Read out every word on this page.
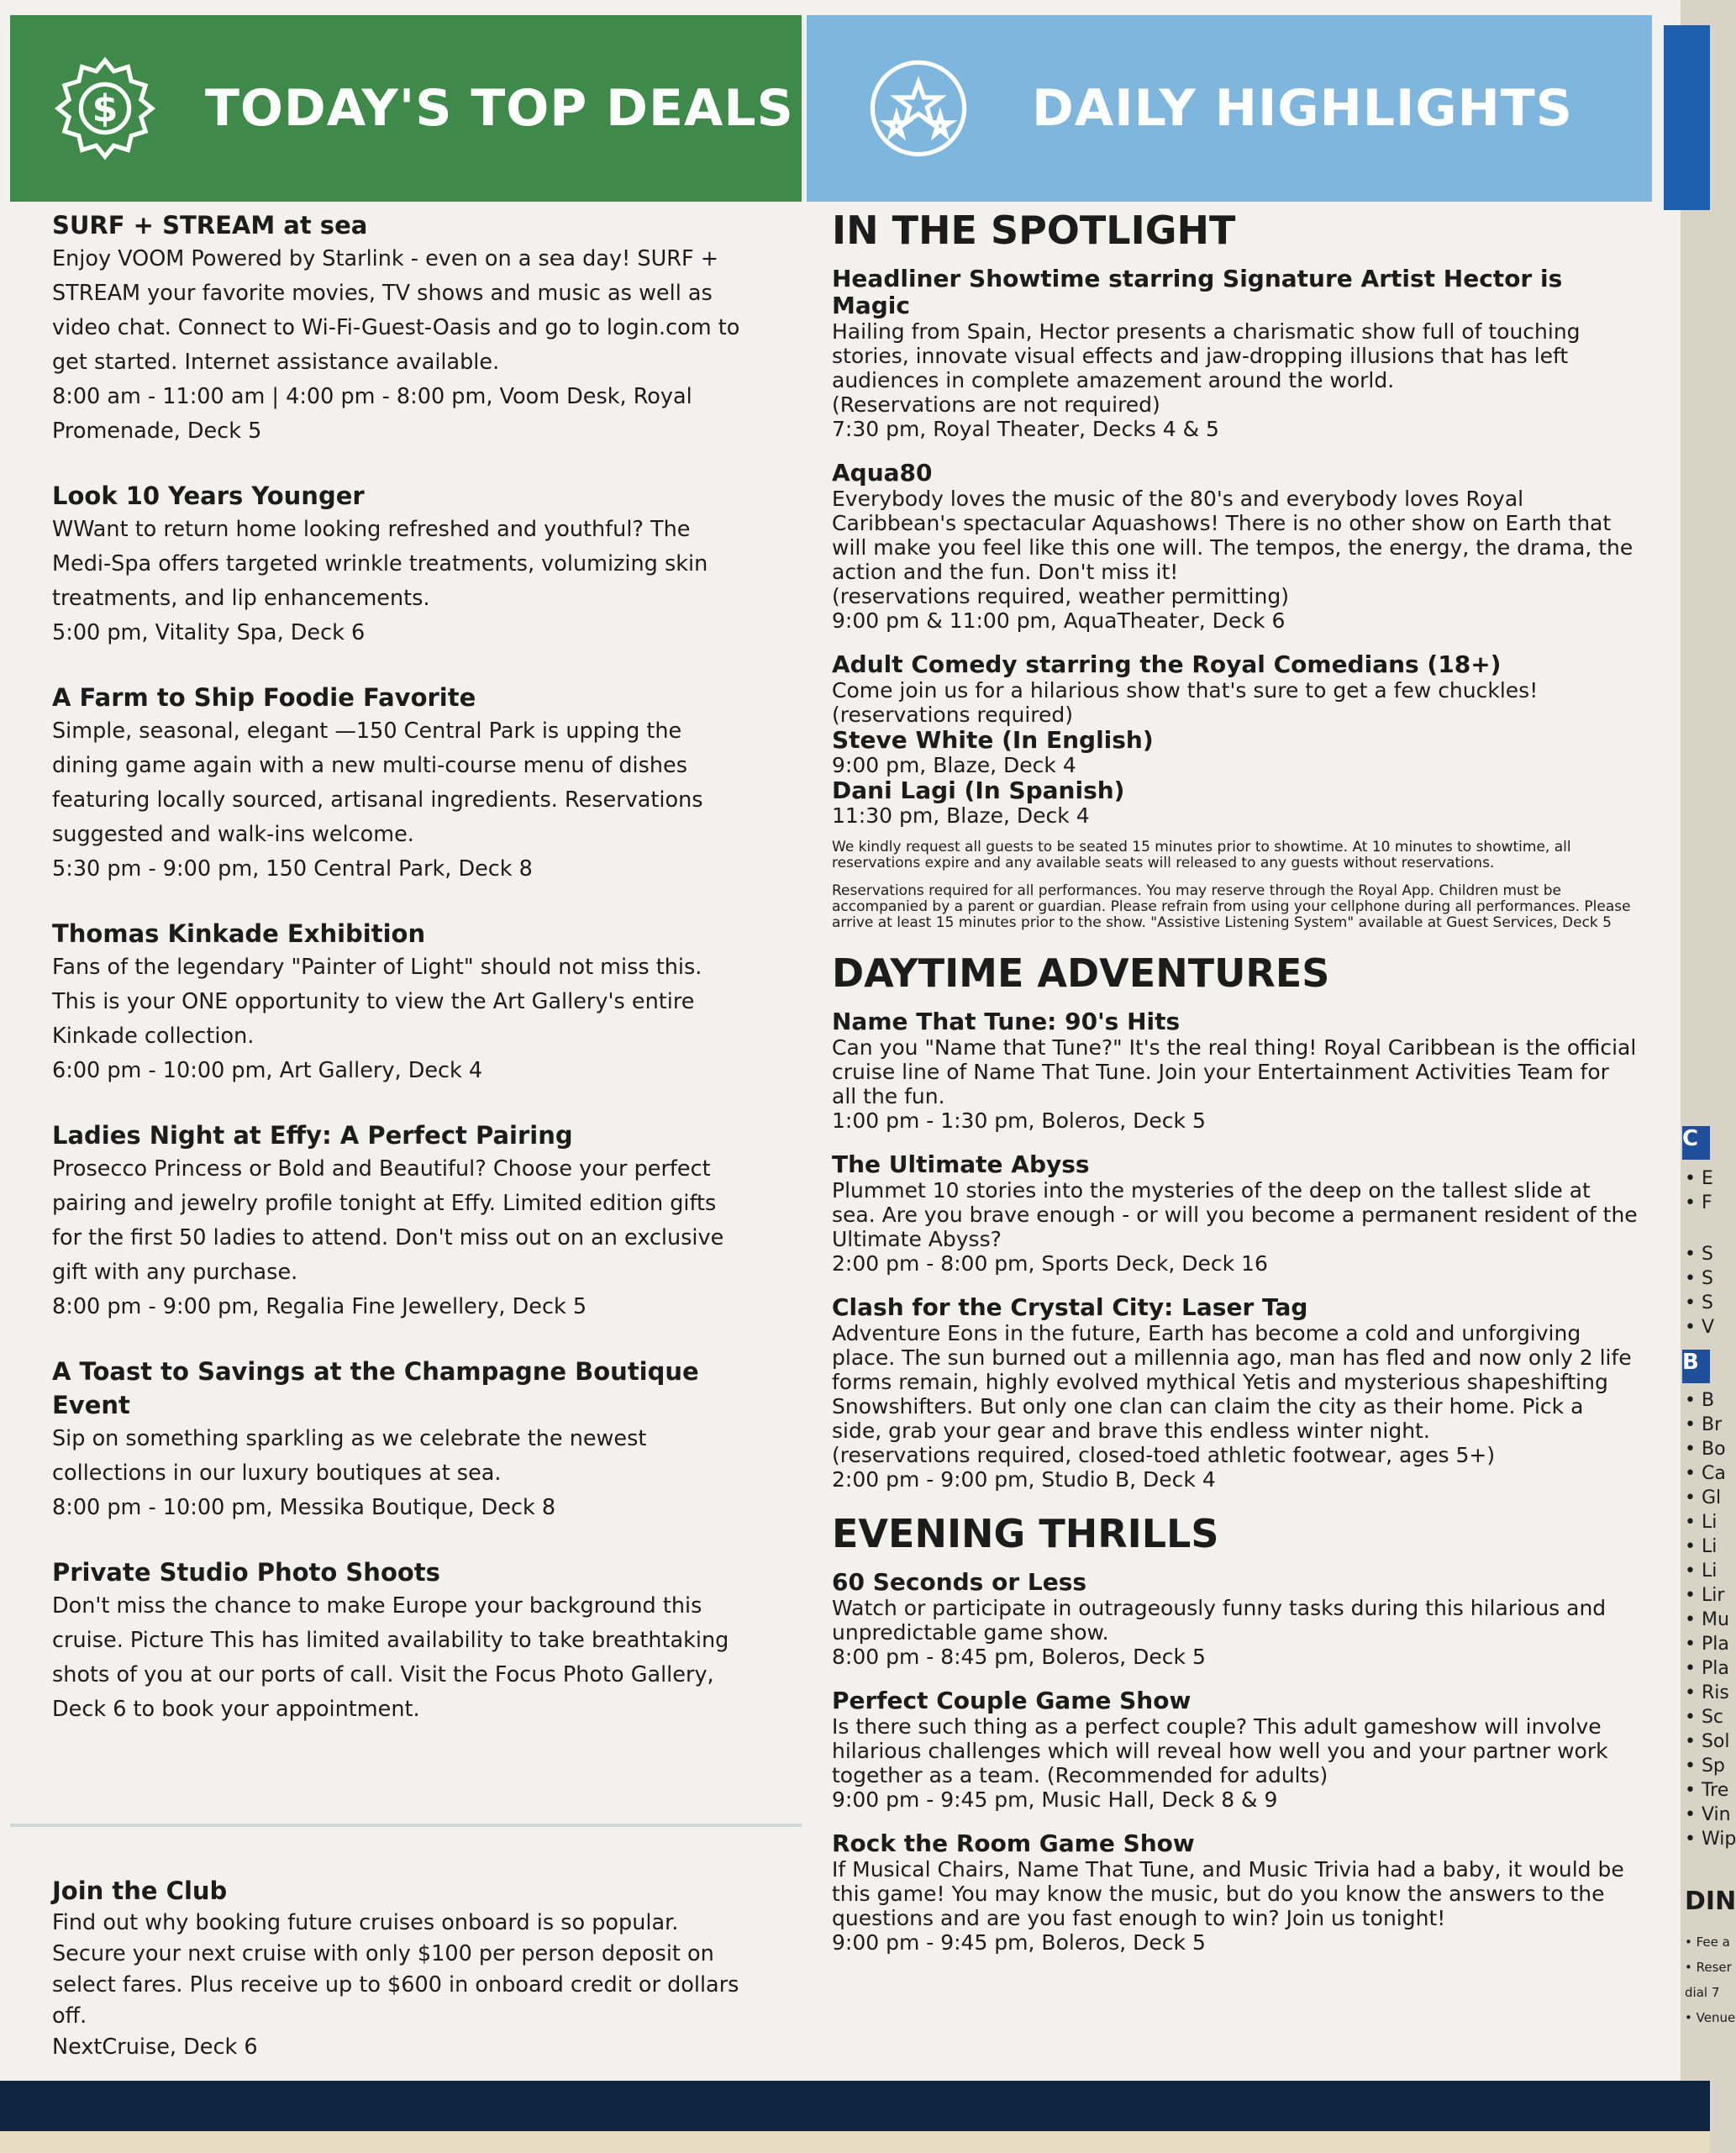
$ TODAY'S TOP DEALS	DAILY HIGHLIGHTS
SURF + STREAM at sea
Enjoy VOOM Powered by Starlink - even on a sea day! SURF + STREAM your favorite movies, TV shows and music as well as video chat. Connect to Wi-Fi-Guest-Oasis and go to login.com to get started. Internet assistance available.
8:00 am - 11:00 am | 4:00 pm - 8:00 pm, Voom Desk, Royal Promenade, Deck 5
Look 10 Years Younger
WWant to return home looking refreshed and youthful? The Medi-Spa offers targeted wrinkle treatments, volumizing skin treatments, and lip enhancements.
5:00 pm, Vitality Spa, Deck 6
A Farm to Ship Foodie Favorite
Simple, seasonal, elegant —150 Central Park is upping the dining game again with a new multi-course menu of dishes featuring locally sourced, artisanal ingredients. Reservations suggested and walk-ins welcome.
5:30 pm - 9:00 pm, 150 Central Park, Deck 8
Thomas Kinkade Exhibition
Fans of the legendary "Painter of Light" should not miss this. This is your ONE opportunity to view the Art Gallery's entire Kinkade collection.
6:00 pm - 10:00 pm, Art Gallery, Deck 4
Ladies Night at Effy: A Perfect Pairing
Prosecco Princess or Bold and Beautiful? Choose your perfect pairing and jewelry profile tonight at Effy. Limited edition gifts for the first 50 ladies to attend. Don't miss out on an exclusive gift with any purchase.
8:00 pm - 9:00 pm, Regalia Fine Jewellery, Deck 5
A Toast to Savings at the Champagne Boutique Event
Sip on something sparkling as we celebrate the newest collections in our luxury boutiques at sea.
8:00 pm - 10:00 pm, Messika Boutique, Deck 8
Private Studio Photo Shoots
Don't miss the chance to make Europe your background this cruise. Picture This has limited availability to take breathtaking shots of you at our ports of call. Visit the Focus Photo Gallery, Deck 6 to book your appointment.
Join the Club
Find out why booking future cruises onboard is so popular. Secure your next cruise with only $100 per person deposit on select fares. Plus receive up to $600 in onboard credit or dollars off.
NextCruise, Deck 6
IN THE SPOTLIGHT
Headliner Showtime starring Signature Artist Hector is Magic
Hailing from Spain, Hector presents a charismatic show full of touching stories, innovate visual effects and jaw-dropping illusions that has left audiences in complete amazement around the world.
(Reservations are not required)
7:30 pm, Royal Theater, Decks 4 & 5
Aqua80
Everybody loves the music of the 80's and everybody loves Royal Caribbean's spectacular Aquashows! There is no other show on Earth that will make you feel like this one will. The tempos, the energy, the drama, the action and the fun. Don't miss it!
(reservations required, weather permitting)
9:00 pm & 11:00 pm, AquaTheater, Deck 6
Adult Comedy starring the Royal Comedians (18+)
Come join us for a hilarious show that's sure to get a few chuckles!
(reservations required)
Steve White (In English)
9:00 pm, Blaze, Deck 4
Dani Lagi (In Spanish)
11:30 pm, Blaze, Deck 4
We kindly request all guests to be seated 15 minutes prior to showtime. At 10 minutes to showtime, all reservations expire and any available seats will released to any guests without reservations.
Reservations required for all performances. You may reserve through the Royal App. Children must be accompanied by a parent or guardian. Please refrain from using your cellphone during all performances. Please arrive at least 15 minutes prior to the show. "Assistive Listening System" available at Guest Services, Deck 5
DAYTIME ADVENTURES
Name That Tune: 90's Hits
Can you "Name that Tune?" It's the real thing! Royal Caribbean is the official cruise line of Name That Tune. Join your Entertainment Activities Team for all the fun.
1:00 pm - 1:30 pm, Boleros, Deck 5
The Ultimate Abyss
Plummet 10 stories into the mysteries of the deep on the tallest slide at sea. Are you brave enough - or will you become a permanent resident of the Ultimate Abyss?
2:00 pm - 8:00 pm, Sports Deck, Deck 16
Clash for the Crystal City: Laser Tag
Adventure Eons in the future, Earth has become a cold and unforgiving place. The sun burned out a millennia ago, man has fled and now only 2 life forms remain, highly evolved mythical Yetis and mysterious shapeshifting Snowshifters. But only one clan can claim the city as their home. Pick a side, grab your gear and brave this endless winter night.
(reservations required, closed-toed athletic footwear, ages 5+)
2:00 pm - 9:00 pm, Studio B, Deck 4
EVENING THRILLS
60 Seconds or Less
Watch or participate in outrageously funny tasks during this hilarious and unpredictable game show.
8:00 pm - 8:45 pm, Boleros, Deck 5
Perfect Couple Game Show
Is there such thing as a perfect couple? This adult gameshow will involve hilarious challenges which will reveal how well you and your partner work together as a team. (Recommended for adults)
9:00 pm - 9:45 pm, Music Hall, Deck 8 & 9
Rock the Room Game Show
If Musical Chairs, Name That Tune, and Music Trivia had a baby, it would be this game! You may know the music, but do you know the answers to the questions and are you fast enough to win? Join us tonight!
9:00 pm - 9:45 pm, Boleros, Deck 5
C
• E
• F
• S
• S
• S
• V
B
• B
• Br
• Bo
• Ca
• Gl
• Li
• Li
• Li
• Lir
• Mu
• Pla
• Pla
• Ris
• Sc
• Sol
• Sp
• Tre
• Vin
• Wip
DIN
• Fee a
• Reser
dial 7
• Venue
